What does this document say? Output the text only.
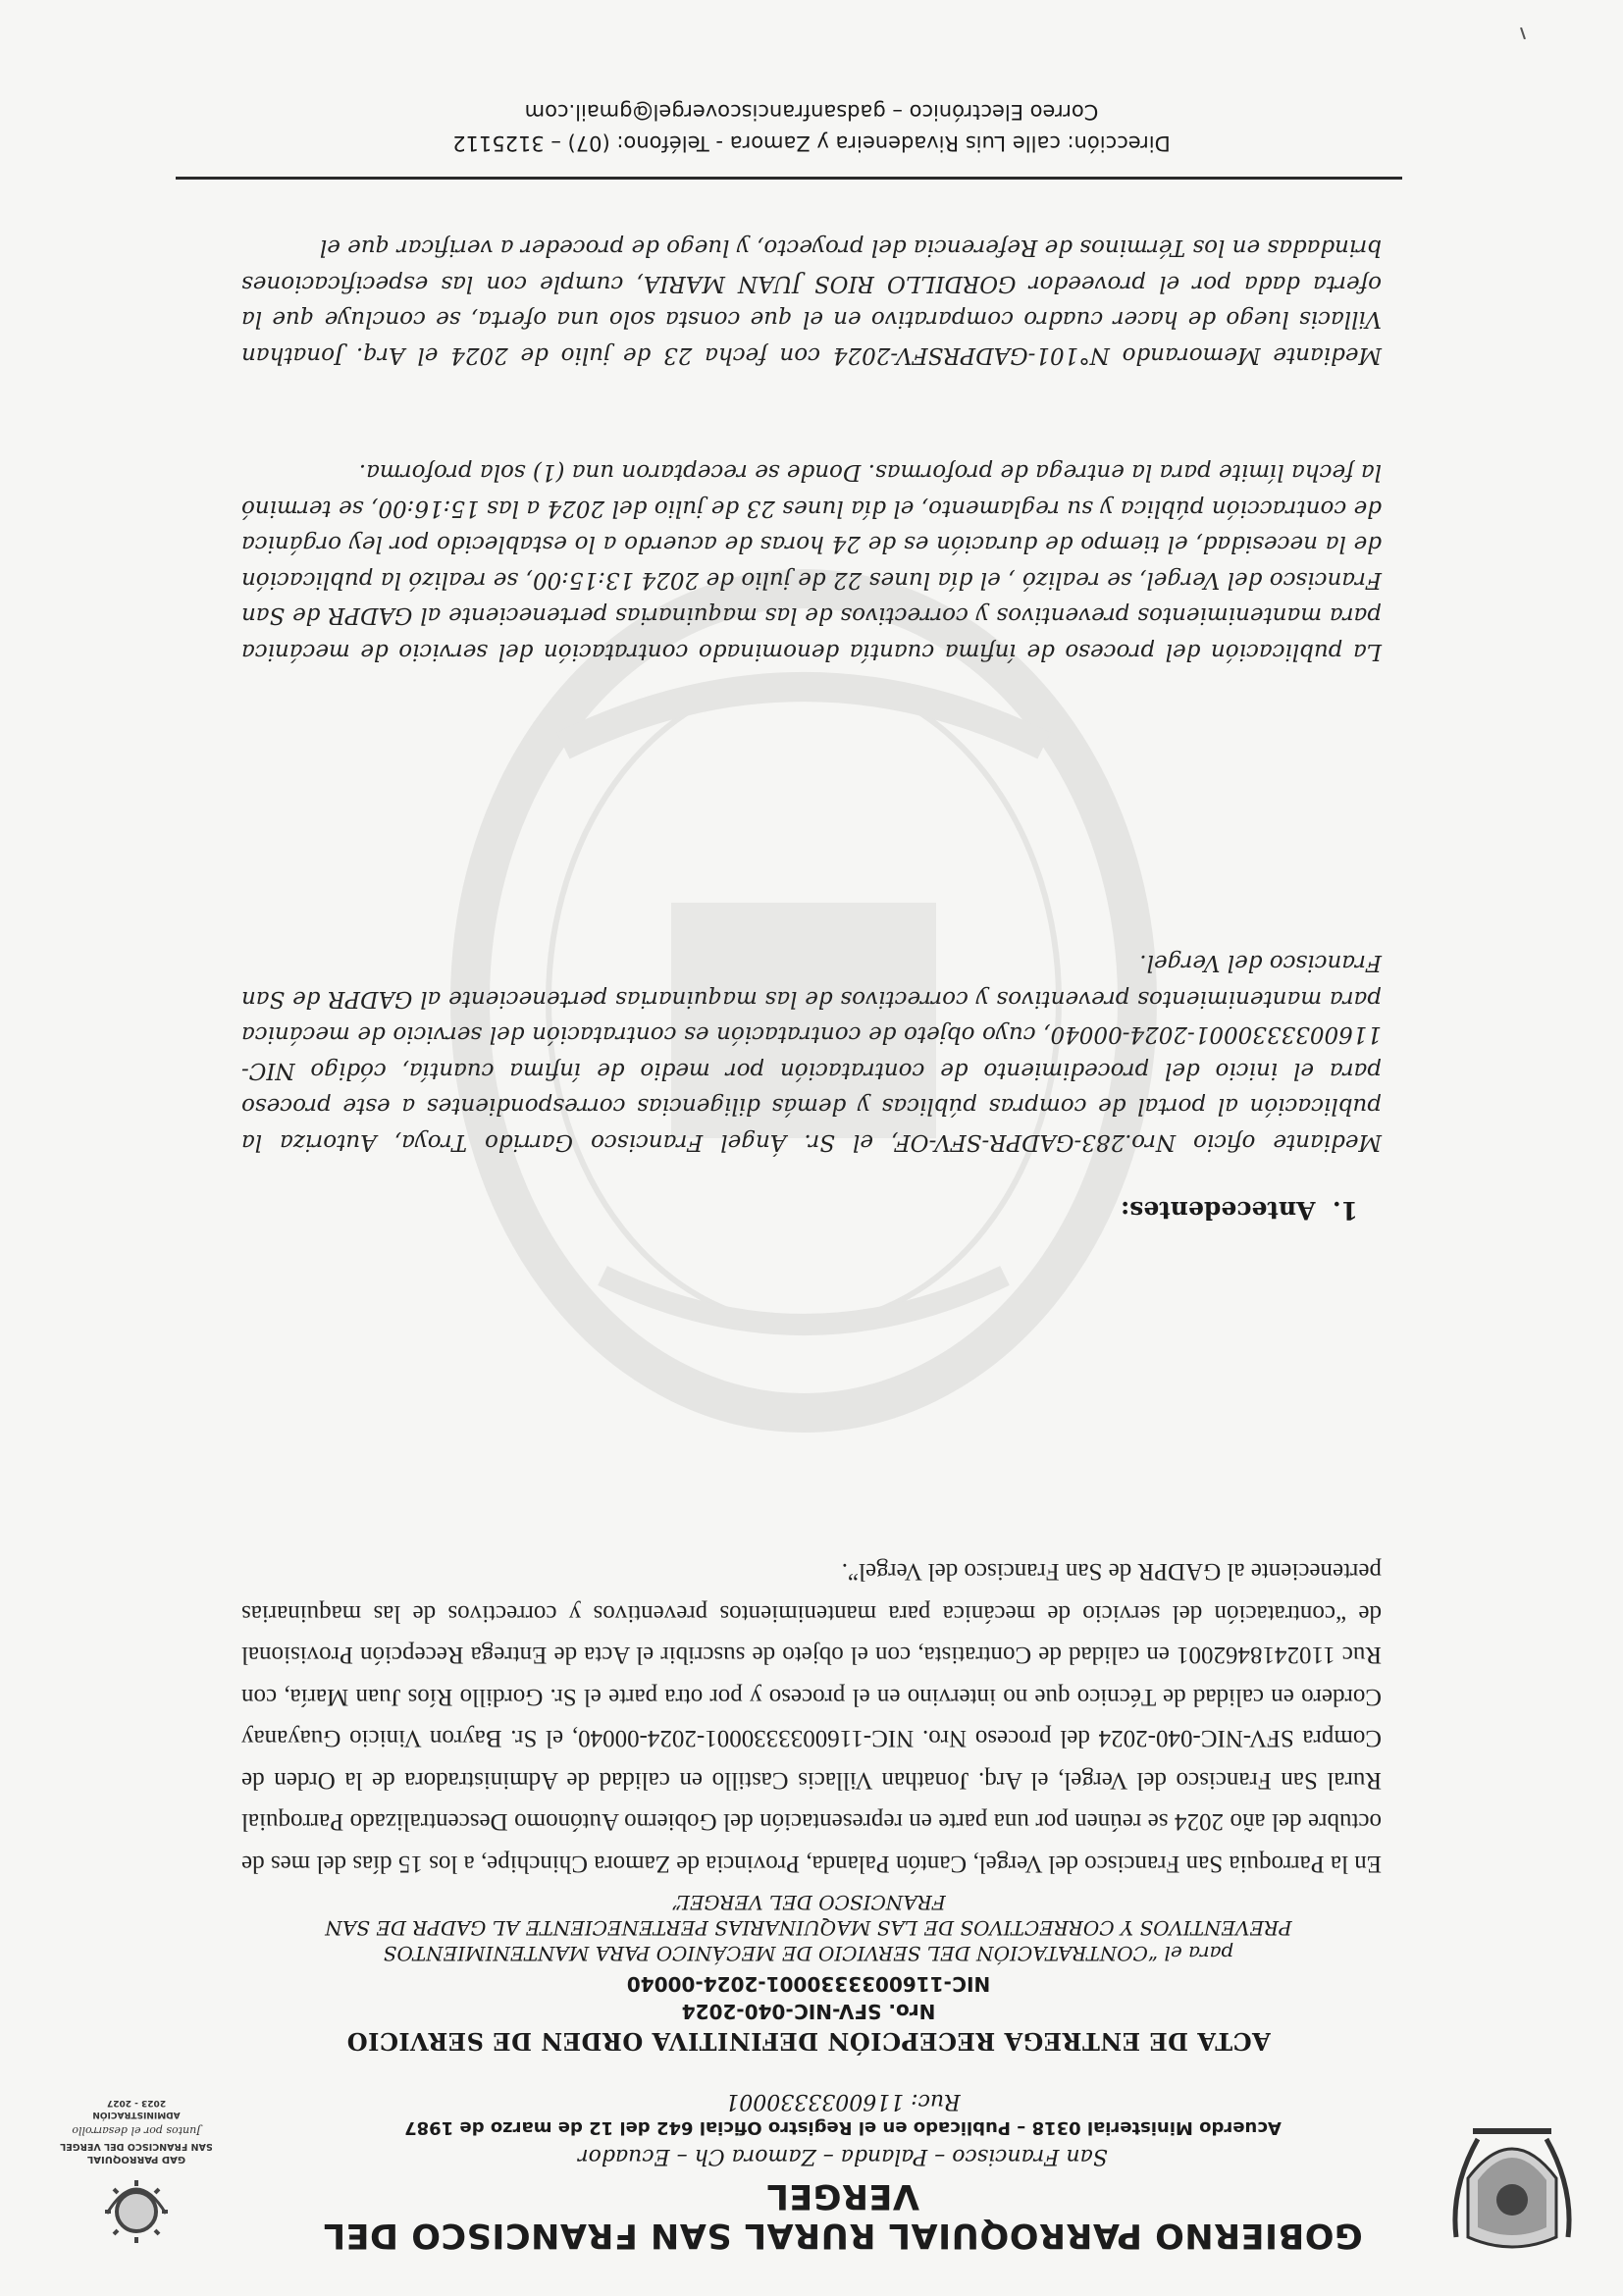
GOBIERNO PARROQUIAL RURAL SAN FRANCISCO DEL VERGEL
San Francisco – Palanda – Zamora Ch – Ecuador
Acuerdo Ministerial 0318 – Publicado en el Registro Oficial 642 del 12 de marzo de 1987
Ruc: 1160033330001
GAD PARROQUIAL
SAN FRANCISCO DEL VERGEL
Juntos por el desarrollo
ADMINISTRACIÓN
2023 - 2027
ACTA DE ENTREGA RECEPCIÓN DEFINITIVA ORDEN DE SERVICIO
Nro. SFV-NIC-040-2024
NIC-1160033330001-2024-00040
para el “CONTRATACIÓN DEL SERVICIO DE MECÁNICO PARA MANTENIMIENTOS PREVENTIVOS Y CORRECTIVOS DE LAS MAQUINARIAS PERTENECIENTE AL GADPR DE SAN FRANCISCO DEL VERGEL”
En la Parroquia San Francisco del Vergel, Cantón Palanda, Provincia de Zamora Chinchipe, a los 15 días del mes de octubre del año 2024 se reúnen por una parte en representación del Gobierno Autónomo Descentralizado Parroquial Rural San Francisco del Vergel, el Arq. Jonathan Villacis Castillo en calidad de Administradora de la Orden de Compra SFV-NIC-040-2024 del proceso Nro. NIC-1160033330001-2024-00040, el Sr. Bayron Vinicio Guayanay Cordero en calidad de Técnico que no intervino en el proceso y por otra parte el Sr. Gordillo Ríos Juan María, con Ruc 1102418462001 en calidad de Contratista, con el objeto de suscribir el Acta de Entrega Recepción Provisional de “contratación del servicio de mecánica para mantenimientos preventivos y correctivos de las maquinarias perteneciente al GADPR de San Francisco del Vergel”.
1.  Antecedentes:
Mediante oficio Nro.283-GADPR-SFV-OF, el Sr. Ángel Francisco Garrido Troya, Autoriza la publicación al portal de compras públicas y demás diligencias correspondientes a este proceso para el inicio del procedimiento de contratación por medio de ínfima cuantía, código NIC-1160033330001-2024-00040, cuyo objeto de contratación es contratación del servicio de mecánica para mantenimientos preventivos y correctivos de las maquinarias perteneciente al GADPR de San Francisco del Vergel.
La publicación del proceso de ínfima cuantía denominado contratación del servicio de mecánica para mantenimientos preventivos y correctivos de las maquinarias perteneciente al GADPR de San Francisco del Vergel, se realizó , el día lunes 22 de julio de 2024 13:15:00, se realizó la publicación de la necesidad, el tiempo de duración es de 24 horas de acuerdo a lo establecido por ley orgánica de contracción pública y su reglamento, el día lunes 23 de julio del 2024 a las 15:16:00, se terminó la fecha límite para la entrega de proformas. Donde se receptaron una (1) sola proforma.
Mediante Memorando N°101-GADPRSFV-2024 con fecha 23 de julio de 2024 el Arq. Jonathan Villacis luego de hacer cuadro comparativo en el que consta solo una oferta, se concluye que la oferta dada por el proveedor GORDILLO RIOS JUAN MARIA, cumple con las especificaciones brindadas en los Términos de Referencia del proyecto, y luego de proceder a verificar que el
Dirección: calle Luis Rivadeneira y Zamora - Teléfono: (07) – 3125112
Correo Electrónico – gadsanfranciscovergel@gmail.com
